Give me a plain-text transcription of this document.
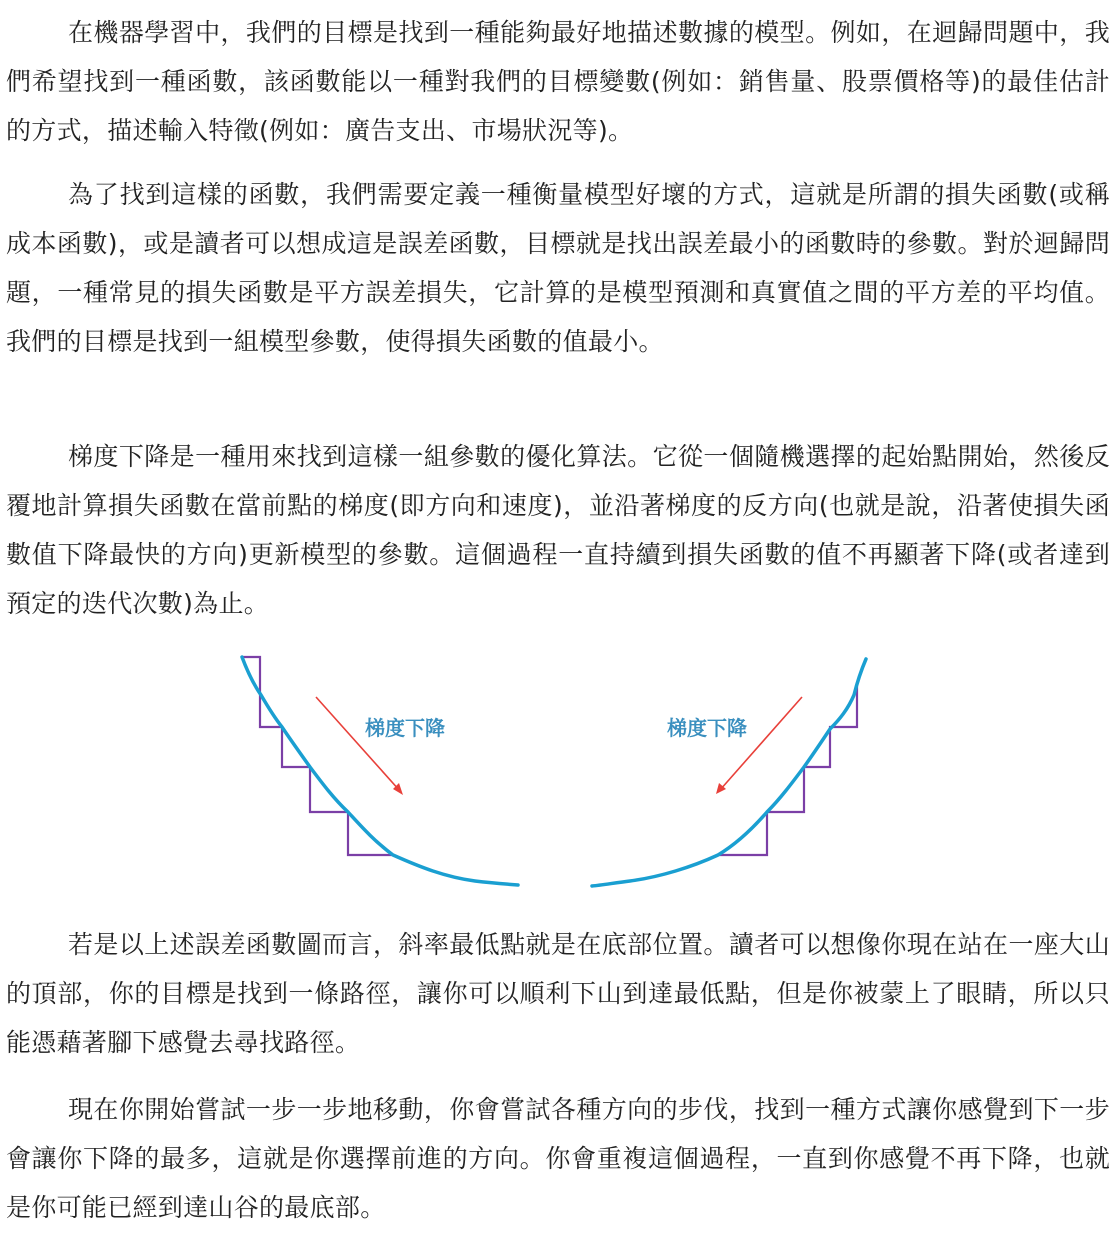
在機器學習中，我們的目標是找到一種能夠最好地描述數據的模型。例如，在迴歸問題中，我們希望找到一種函數，該函數能以一種對我們的目標變數(例如：銷售量、股票價格等)的最佳估計的方式，描述輸入特徵(例如：廣告支出、市場狀況等)。

為了找到這樣的函數，我們需要定義一種衡量模型好壞的方式，這就是所謂的損失函數(或稱成本函數)，或是讀者可以想成這是誤差函數，目標就是找出誤差最小的函數時的參數。對於迴歸問題，一種常見的損失函數是平方誤差損失，它計算的是模型預測和真實值之間的平方差的平均值。我們的目標是找到一組模型參數，使得損失函數的值最小。

梯度下降是一種用來找到這樣一組參數的優化算法。它從一個隨機選擇的起始點開始，然後反覆地計算損失函數在當前點的梯度(即方向和速度)，並沿著梯度的反方向(也就是說，沿著使損失函數值下降最快的方向)更新模型的參數。這個過程一直持續到損失函數的值不再顯著下降(或者達到預定的迭代次數)為止。

梯度下降	梯度下降

若是以上述誤差函數圖而言，斜率最低點就是在底部位置。讀者可以想像你現在站在一座大山的頂部，你的目標是找到一條路徑，讓你可以順利下山到達最低點，但是你被蒙上了眼睛，所以只能憑藉著腳下感覺去尋找路徑。

現在你開始嘗試一步一步地移動，你會嘗試各種方向的步伐，找到一種方式讓你感覺到下一步會讓你下降的最多，這就是你選擇前進的方向。你會重複這個過程，一直到你感覺不再下降，也就是你可能已經到達山谷的最底部。
